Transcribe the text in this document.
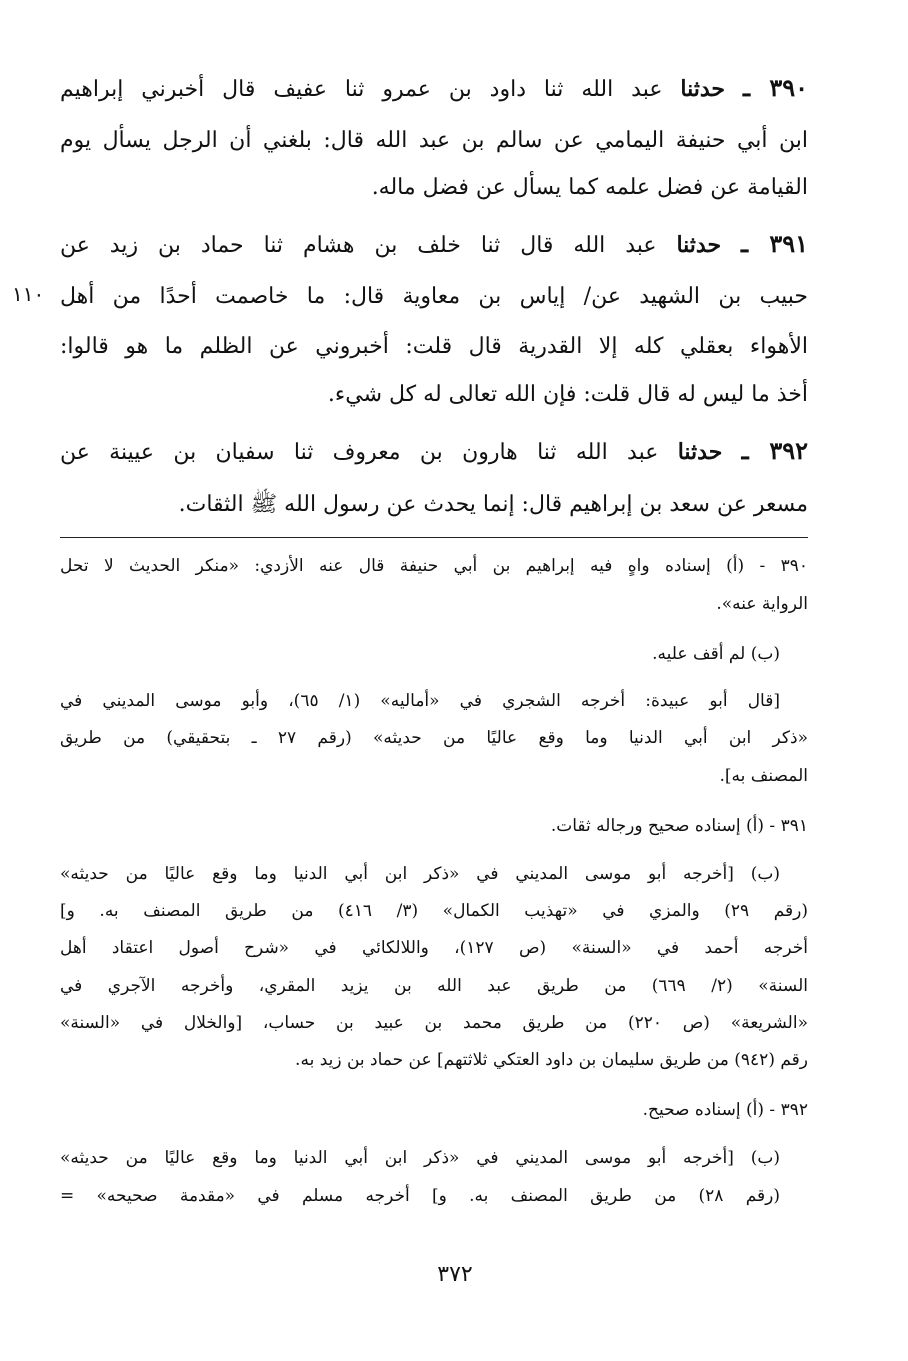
٣٩٠ ـ حدثنا عبد الله ثنا داود بن عمرو ثنا عفيف قال أخبرني إبراهيم
ابن أبي حنيفة اليمامي عن سالم بن عبد الله قال: بلغني أن الرجل يسأل يوم
القيامة عن فضل علمه كما يسأل عن فضل ماله.
٣٩١ ـ حدثنا عبد الله قال ثنا خلف بن هشام ثنا حماد بن زيد عن
حبيب بن الشهيد عن/ إياس بن معاوية قال: ما خاصمت أحدًا من أهل
الأهواء بعقلي كله إلا القدرية قال قلت: أخبروني عن الظلم ما هو قالوا:
أخذ ما ليس له قال قلت: فإن الله تعالى له كل شيء.
١١٠
٣٩٢ ـ حدثنا عبد الله ثنا هارون بن معروف ثنا سفيان بن عيينة عن
مسعر عن سعد بن إبراهيم قال: إنما يحدث عن رسول الله ﷺ الثقات.
٣٩٠ - (أ) إسناده واهٍ فيه إبراهيم بن أبي حنيفة قال عنه الأزدي: «منكر الحديث لا تحل
الرواية عنه».
(ب) لم أقف عليه.
[قال أبو عبيدة: أخرجه الشجري في «أماليه» (١/ ٦٥)، وأبو موسى المديني في
«ذكر ابن أبي الدنيا وما وقع عاليًا من حديثه» (رقم ٢٧ ـ بتحقيقي) من طريق
المصنف به].
٣٩١ - (أ) إسناده صحيح ورجاله ثقات.
(ب) [أخرجه أبو موسى المديني في «ذكر ابن أبي الدنيا وما وقع عاليًا من حديثه»
(رقم ٢٩) والمزي في «تهذيب الكمال» (٣/ ٤١٦) من طريق المصنف به. و]
أخرجه أحمد في «السنة» (ص ١٢٧)، واللالكائي في «شرح أصول اعتقاد أهل
السنة» (٢/ ٦٦٩) من طريق عبد الله بن يزيد المقري، وأخرجه الآجري في
«الشريعة» (ص ٢٢٠) من طريق محمد بن عبيد بن حساب، [والخلال في «السنة»
رقم (٩٤٢) من طريق سليمان بن داود العتكي ثلاثتهم] عن حماد بن زيد به.
٣٩٢ - (أ) إسناده صحيح.
(ب) [أخرجه أبو موسى المديني في «ذكر ابن أبي الدنيا وما وقع عاليًا من حديثه»
(رقم ٢٨) من طريق المصنف به. و] أخرجه مسلم في «مقدمة صحيحه» =
٣٧٢
